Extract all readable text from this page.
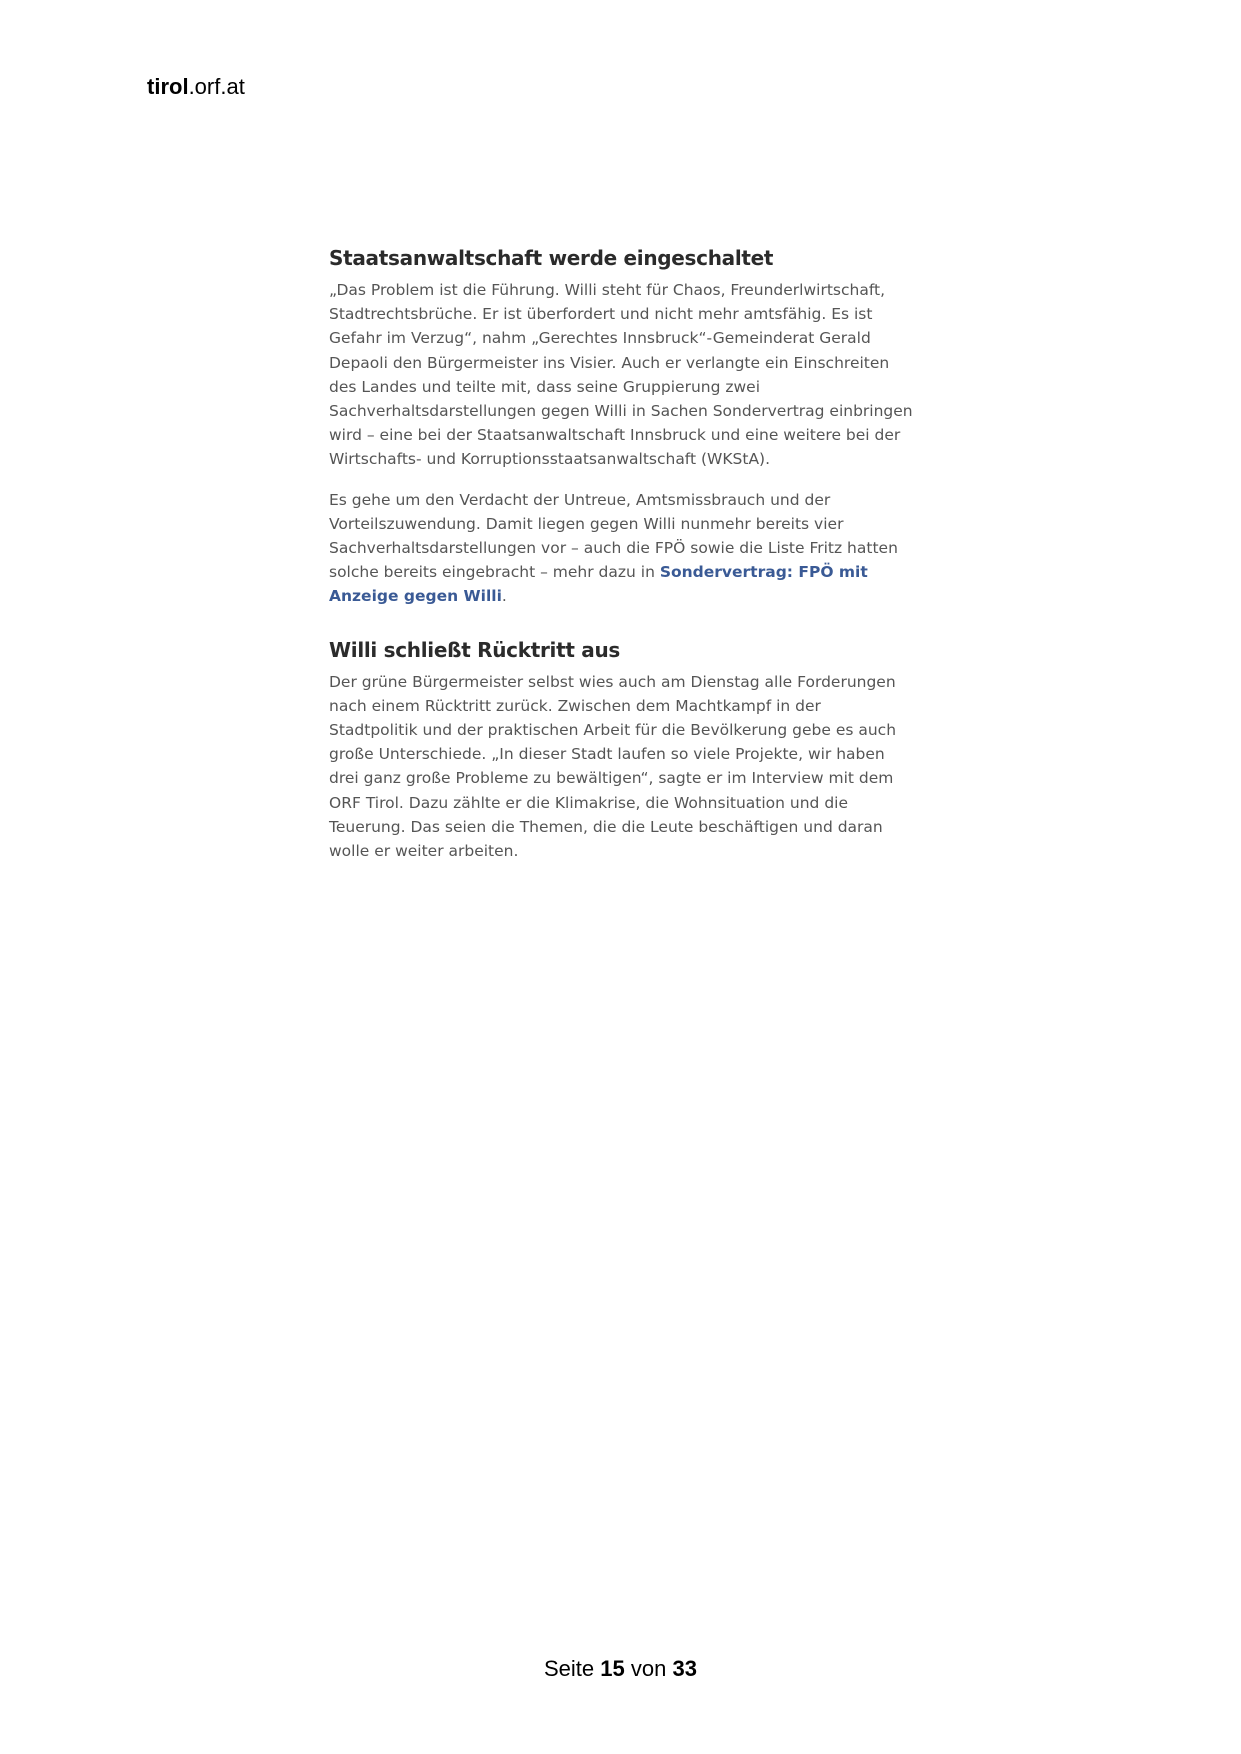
tirol.orf.at
Staatsanwaltschaft werde eingeschaltet

„Das Problem ist die Führung. Willi steht für Chaos, Freunderlwirtschaft, Stadtrechtsbrüche. Er ist überfordert und nicht mehr amtsfähig. Es ist Gefahr im Verzug“, nahm „Gerechtes Innsbruck“-Gemeinderat Gerald Depaoli den Bürgermeister ins Visier. Auch er verlangte ein Einschreiten des Landes und teilte mit, dass seine Gruppierung zwei Sachverhaltsdarstellungen gegen Willi in Sachen Sondervertrag einbringen wird – eine bei der Staatsanwaltschaft Innsbruck und eine weitere bei der Wirtschafts- und Korruptionsstaatsanwaltschaft (WKStA).

Es gehe um den Verdacht der Untreue, Amtsmissbrauch und der Vorteilszuwendung. Damit liegen gegen Willi nunmehr bereits vier Sachverhaltsdarstellungen vor – auch die FPÖ sowie die Liste Fritz hatten solche bereits eingebracht – mehr dazu in Sondervertrag: FPÖ mit Anzeige gegen Willi.

Willi schließt Rücktritt aus

Der grüne Bürgermeister selbst wies auch am Dienstag alle Forderungen nach einem Rücktritt zurück. Zwischen dem Machtkampf in der Stadtpolitik und der praktischen Arbeit für die Bevölkerung gebe es auch große Unterschiede. „In dieser Stadt laufen so viele Projekte, wir haben drei ganz große Probleme zu bewältigen“, sagte er im Interview mit dem ORF Tirol. Dazu zählte er die Klimakrise, die Wohnsituation und die Teuerung. Das seien die Themen, die die Leute beschäftigen und daran wolle er weiter arbeiten.

Seite 15 von 33
